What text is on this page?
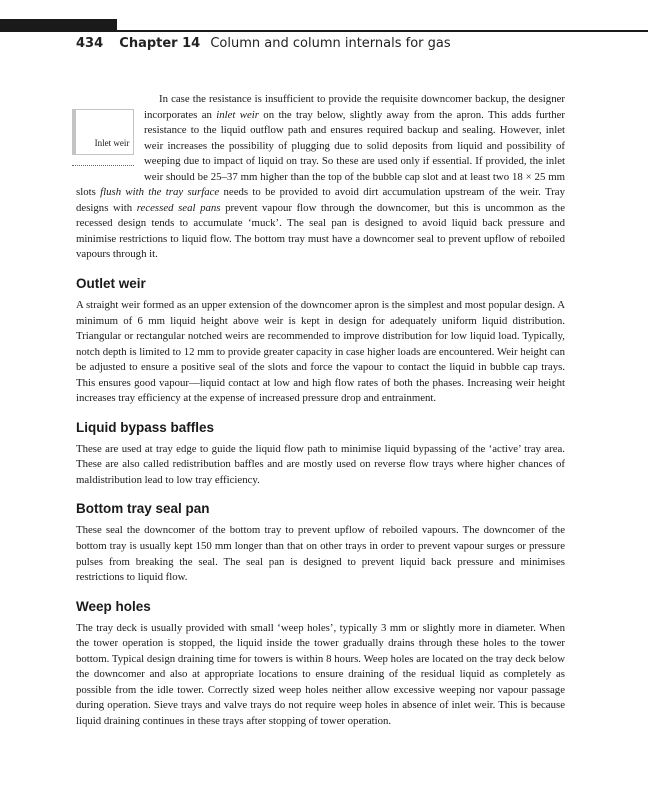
434 Chapter 14 Column and column internals for gas

Inlet weir
In case the resistance is insufficient to provide the requisite downcomer backup, the designer incorporates an inlet weir on the tray below, slightly away from the apron. This adds further resistance to the liquid outflow path and ensures required backup and sealing. However, inlet weir increases the possibility of plugging due to solid deposits from liquid and possibility of weeping due to impact of liquid on tray. So these are used only if essential. If provided, the inlet weir should be 25–37 mm higher than the top of the bubble cap slot and at least two 18 × 25 mm slots flush with the tray surface needs to be provided to avoid dirt accumulation upstream of the weir. Tray designs with recessed seal pans prevent vapour flow through the downcomer, but this is uncommon as the recessed design tends to accumulate ‘muck’. The seal pan is designed to avoid liquid back pressure and minimise restrictions to liquid flow. The bottom tray must have a downcomer seal to prevent upflow of reboiled vapours through it.

Outlet weir

A straight weir formed as an upper extension of the downcomer apron is the simplest and most popular design. A minimum of 6 mm liquid height above weir is kept in design for adequately uniform liquid distribution. Triangular or rectangular notched weirs are recommended to improve distribution for low liquid load. Typically, notch depth is limited to 12 mm to provide greater capacity in case higher loads are encountered. Weir height can be adjusted to ensure a positive seal of the slots and force the vapour to contact the liquid in bubble cap trays. This ensures good vapour—liquid contact at low and high flow rates of both the phases. Increasing weir height increases tray efficiency at the expense of increased pressure drop and entrainment.

Liquid bypass baffles

These are used at tray edge to guide the liquid flow path to minimise liquid bypassing of the ‘active’ tray area. These are also called redistribution baffles and are mostly used on reverse flow trays where higher chances of maldistribution lead to low tray efficiency.

Bottom tray seal pan

These seal the downcomer of the bottom tray to prevent upflow of reboiled vapours. The downcomer of the bottom tray is usually kept 150 mm longer than that on other trays in order to prevent vapour surges or pressure pulses from breaking the seal. The seal pan is designed to prevent liquid back pressure and minimises restrictions to liquid flow.

Weep holes

The tray deck is usually provided with small ‘weep holes’, typically 3 mm or slightly more in diameter. When the tower operation is stopped, the liquid inside the tower gradually drains through these holes to the tower bottom. Typical design draining time for towers is within 8 hours. Weep holes are located on the tray deck below the downcomer and also at appropriate locations to ensure draining of the residual liquid as completely as possible from the idle tower. Correctly sized weep holes neither allow excessive weeping nor vapour passage during operation. Sieve trays and valve trays do not require weep holes in absence of inlet weir. This is because liquid draining continues in these trays after stopping of tower operation.
